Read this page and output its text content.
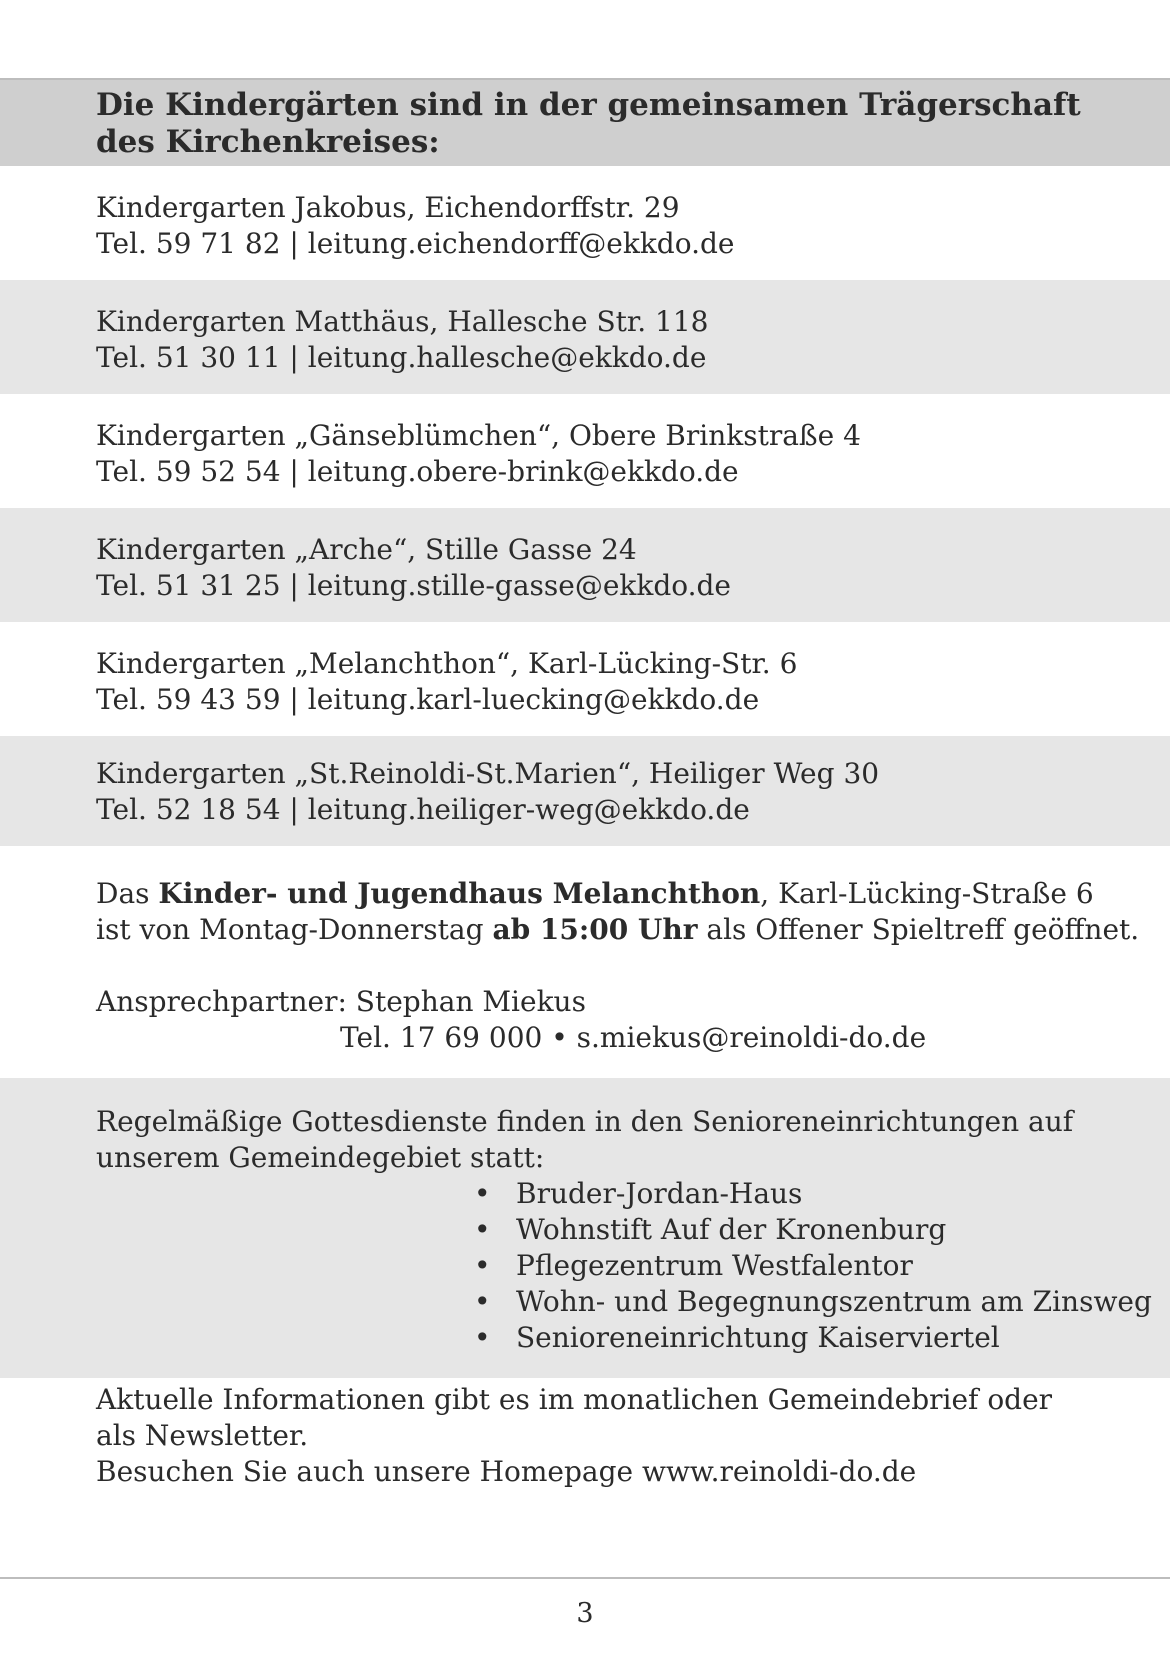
Die Kindergärten sind in der gemeinsamen Trägerschaft
des Kirchenkreises:
Kindergarten Jakobus, Eichendorffstr. 29
Tel. 59 71 82 | leitung.eichendorff@ekkdo.de
Kindergarten Matthäus, Hallesche Str. 118
Tel. 51 30 11 | leitung.hallesche@ekkdo.de
Kindergarten „Gänseblümchen“, Obere Brinkstraße 4
Tel. 59 52 54 | leitung.obere-brink@ekkdo.de
Kindergarten „Arche“, Stille Gasse 24
Tel. 51 31 25 | leitung.stille-gasse@ekkdo.de
Kindergarten „Melanchthon“, Karl-Lücking-Str. 6
Tel. 59 43 59 | leitung.karl-luecking@ekkdo.de
Kindergarten „St.Reinoldi-St.Marien“, Heiliger Weg 30
Tel. 52 18 54 | leitung.heiliger-weg@ekkdo.de
Das Kinder- und Jugendhaus Melanchthon, Karl-Lücking-Straße 6
ist von Montag-Donnerstag ab 15:00 Uhr als Offener Spieltreff geöffnet.
Ansprechpartner: Stephan Miekus
Tel. 17 69 000 • s.miekus@reinoldi-do.de
Regelmäßige Gottesdienste finden in den Senioreneinrichtungen auf
unserem Gemeindegebiet statt:
• Bruder-Jordan-Haus
• Wohnstift Auf der Kronenburg
• Pflegezentrum Westfalentor
• Wohn- und Begegnungszentrum am Zinsweg
• Senioreneinrichtung Kaiserviertel
Aktuelle Informationen gibt es im monatlichen Gemeindebrief oder
als Newsletter.
Besuchen Sie auch unsere Homepage www.reinoldi-do.de
3
